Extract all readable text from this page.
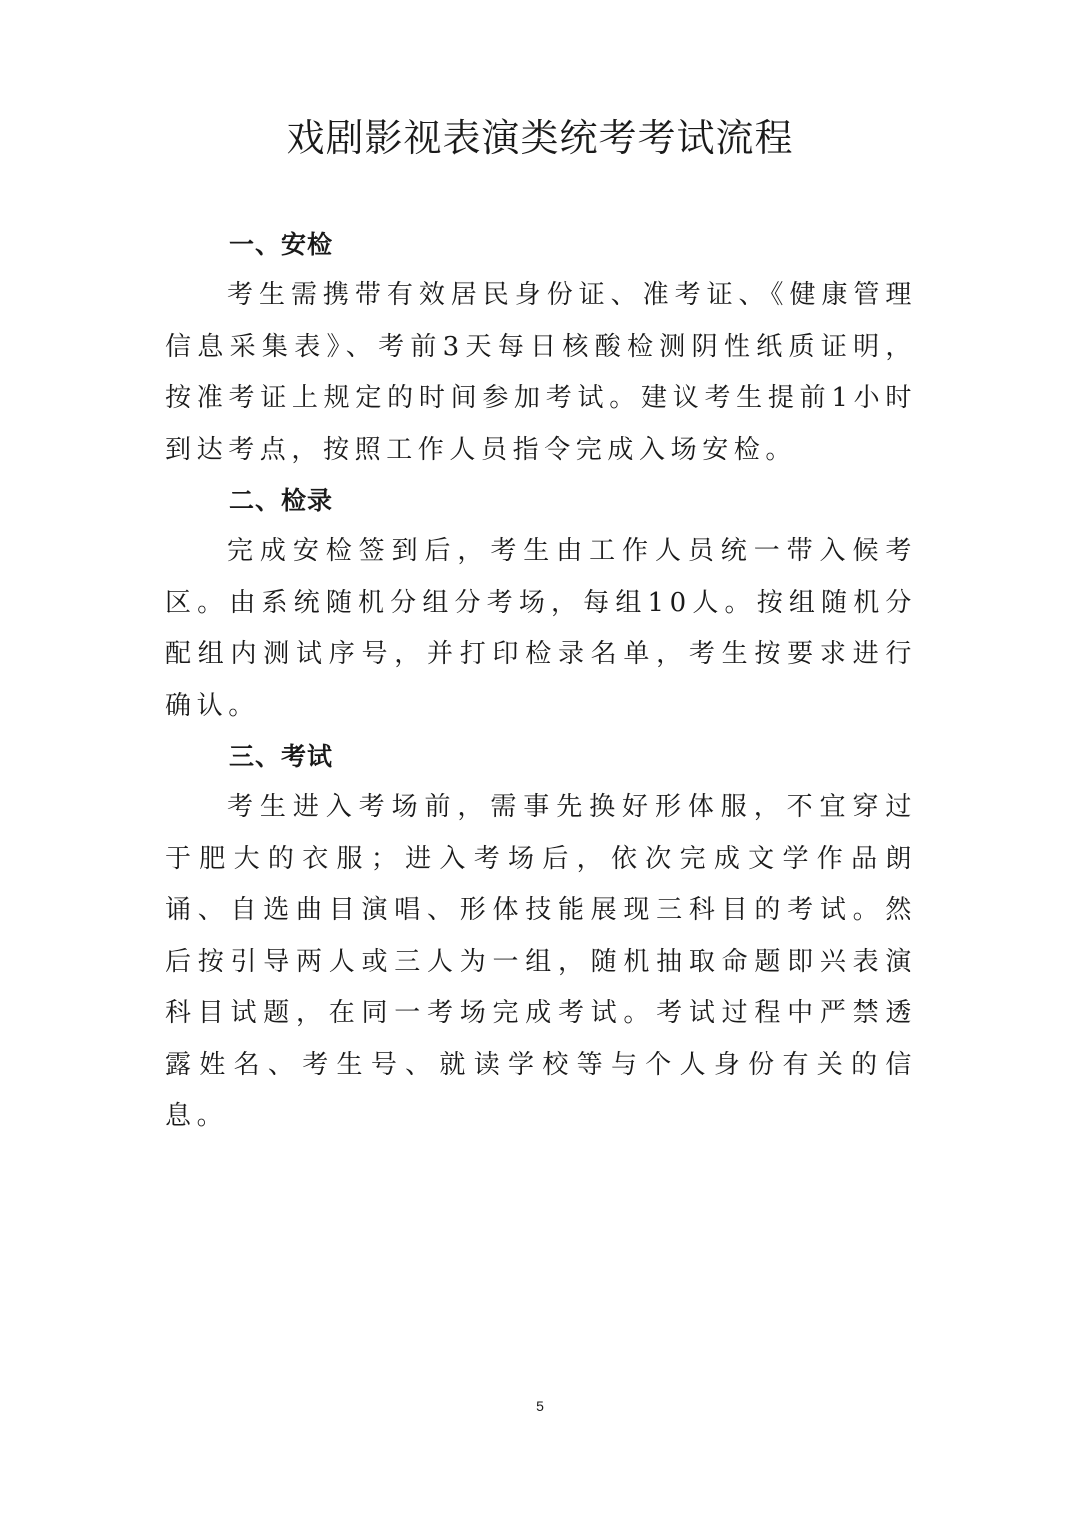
戏剧影视表演类统考考试流程
一、安检

考生需携带有效居民身份证、准考证、《健康管理信息采集表》、考前3天每日核酸检测阴性纸质证明，按准考证上规定的时间参加考试。建议考生提前1小时到达考点，按照工作人员指令完成入场安检。

二、检录

完成安检签到后，考生由工作人员统一带入候考区。由系统随机分组分考场，每组10人。按组随机分配组内测试序号，并打印检录名单，考生按要求进行确认。

三、考试

考生进入考场前，需事先换好形体服，不宜穿过于肥大的衣服；进入考场后，依次完成文学作品朗诵、自选曲目演唱、形体技能展现三科目的考试。然后按引导两人或三人为一组，随机抽取命题即兴表演科目试题，在同一考场完成考试。考试过程中严禁透露姓名、考生号、就读学校等与个人身份有关的信息。

5
